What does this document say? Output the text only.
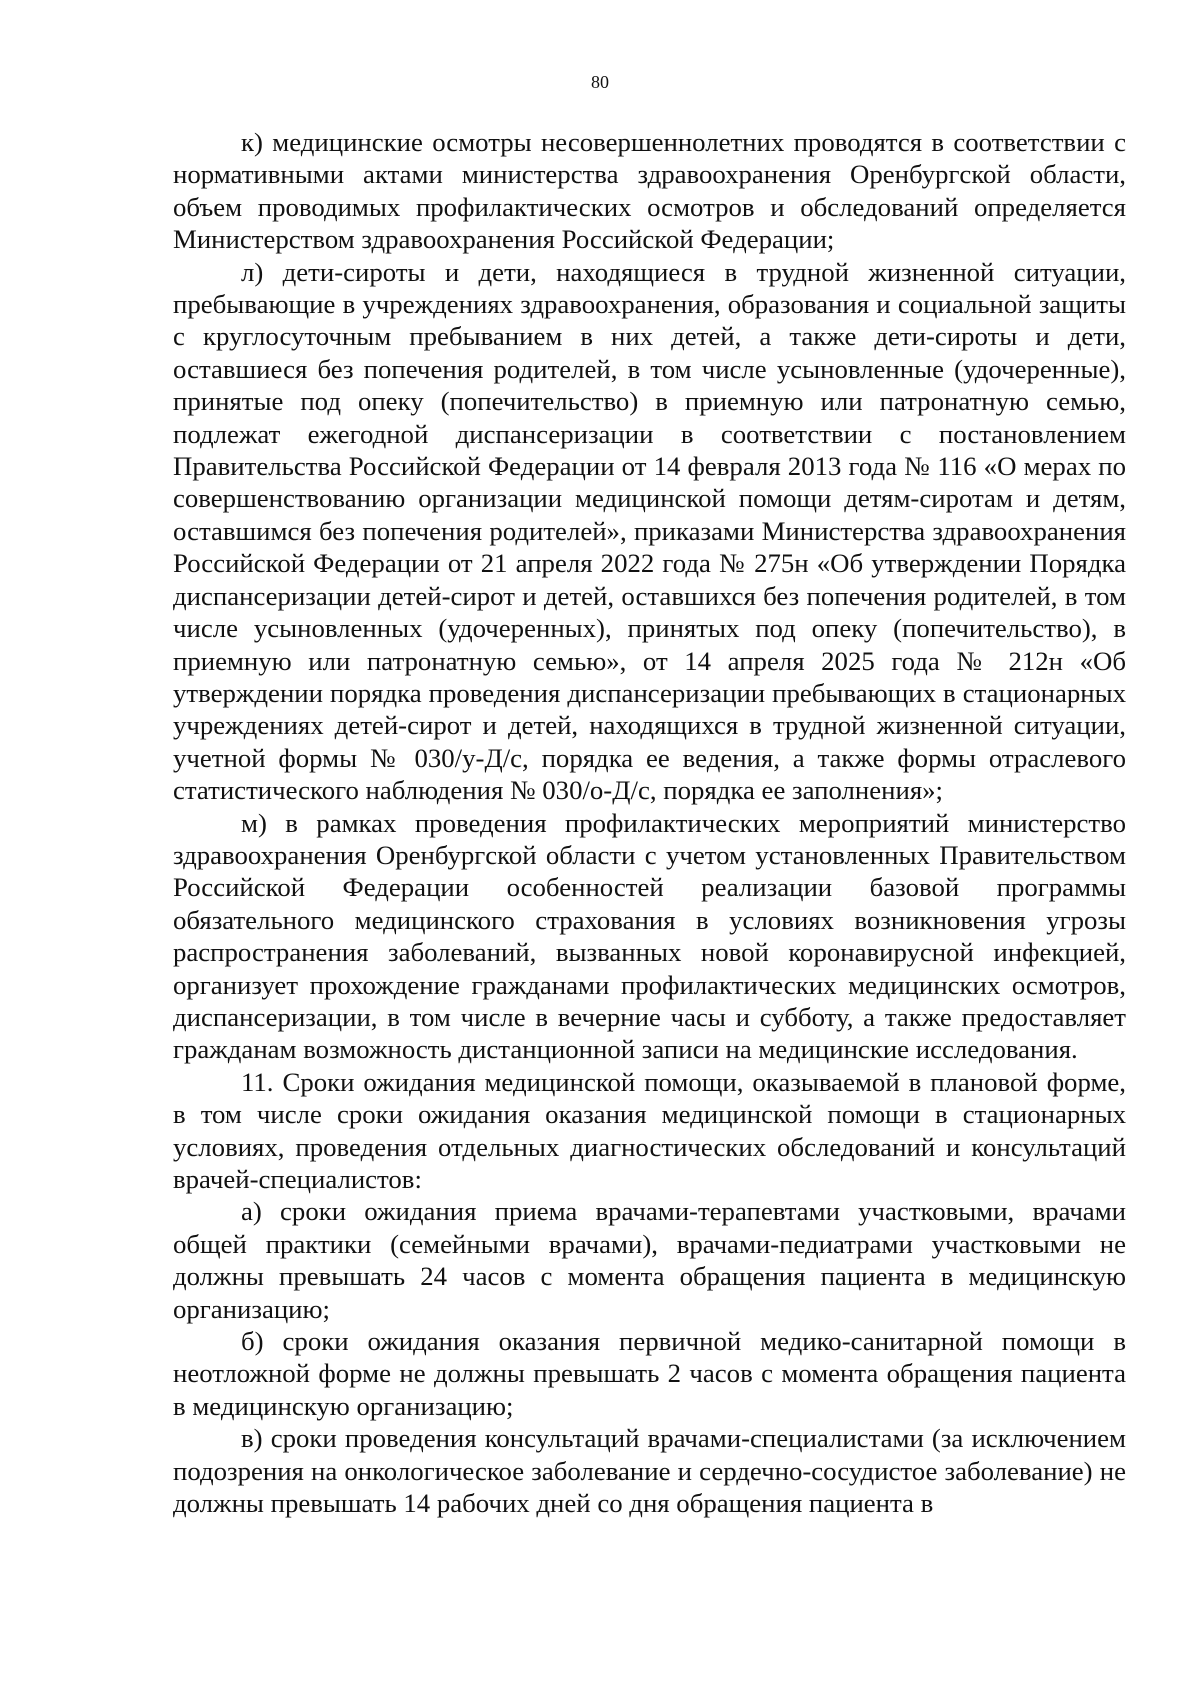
80

к) медицинские осмотры несовершеннолетних проводятся в соответствии с нормативными актами министерства здравоохранения Оренбургской области, объем проводимых профилактических осмотров и обследований определяется Министерством здравоохранения Российской Федерации;

л) дети-сироты и дети, находящиеся в трудной жизненной ситуации, пребывающие в учреждениях здравоохранения, образования и социальной защиты с круглосуточным пребыванием в них детей, а также дети-сироты и дети, оставшиеся без попечения родителей, в том числе усыновленные (удочеренные), принятые под опеку (попечительство) в приемную или патронатную семью, подлежат ежегодной диспансеризации в соответствии с постановлением Правительства Российской Федерации от 14 февраля 2013 года № 116 «О мерах по совершенствованию организации медицинской помощи детям-сиротам и детям, оставшимся без попечения родителей», приказами Министерства здравоохранения Российской Федерации от 21 апреля 2022 года № 275н «Об утверждении Порядка диспансеризации детей-сирот и детей, оставшихся без попечения родителей, в том числе усыновленных (удочеренных), принятых под опеку (попечительство), в приемную или патронатную семью», от 14 апреля 2025 года № 212н «Об утверждении порядка проведения диспансеризации пребывающих в стационарных учреждениях детей-сирот и детей, находящихся в трудной жизненной ситуации, учетной формы № 030/у-Д/с, порядка ее ведения, а также формы отраслевого статистического наблюдения № 030/о-Д/с, порядка ее заполнения»;

м) в рамках проведения профилактических мероприятий министерство здравоохранения Оренбургской области с учетом установленных Правительством Российской Федерации особенностей реализации базовой программы обязательного медицинского страхования в условиях возникновения угрозы распространения заболеваний, вызванных новой коронавирусной инфекцией, организует прохождение гражданами профилактических медицинских осмотров, диспансеризации, в том числе в вечерние часы и субботу, а также предоставляет гражданам возможность дистанционной записи на медицинские исследования.

11. Сроки ожидания медицинской помощи, оказываемой в плановой форме, в том числе сроки ожидания оказания медицинской помощи в стационарных условиях, проведения отдельных диагностических обследований и консультаций врачей-специалистов:

а) сроки ожидания приема врачами-терапевтами участковыми, врачами общей практики (семейными врачами), врачами-педиатрами участковыми не должны превышать 24 часов с момента обращения пациента в медицинскую организацию;

б) сроки ожидания оказания первичной медико-санитарной помощи в неотложной форме не должны превышать 2 часов с момента обращения пациента в медицинскую организацию;

в) сроки проведения консультаций врачами-специалистами (за исключением подозрения на онкологическое заболевание и сердечно-сосудистое заболевание) не должны превышать 14 рабочих дней со дня обращения пациента в
